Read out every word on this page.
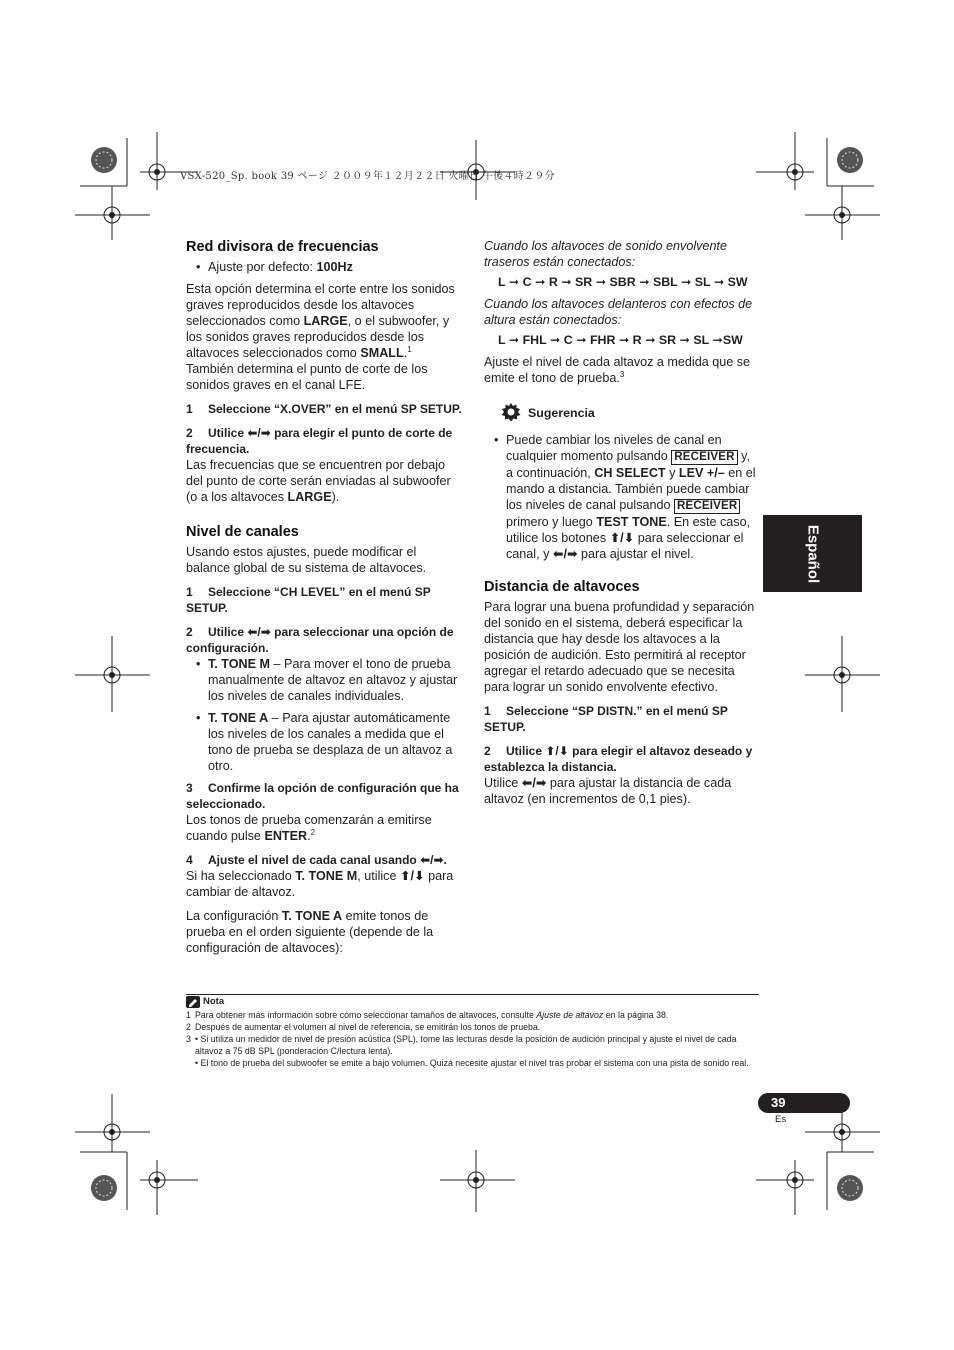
VSX-520_Sp. book 39 ページ ２００９年１２月２２日 火曜日 午後４時２９分
Red divisora de frecuencias
• Ajuste por defecto: 100Hz

Esta opción determina el corte entre los sonidos graves reproducidos desde los altavoces seleccionados como LARGE, o el subwoofer, y los sonidos graves reproducidos desde los altavoces seleccionados como SMALL.$^1$ También determina el punto de corte de los sonidos graves en el canal LFE.

1 Seleccione “X.OVER” en el menú SP SETUP.
2 Utilice ⬅/➡ para elegir el punto de corte de frecuencia.

Las frecuencias que se encuentren por debajo del punto de corte serán enviadas al subwoofer (o a los altavoces LARGE).

Nivel de canales

Usando estos ajustes, puede modificar el balance global de su sistema de altavoces.

1 Seleccione “CH LEVEL” en el menú SP SETUP.
2 Utilice ⬅/➡ para seleccionar una opción de configuración.
• T. TONE M – Para mover el tono de prueba manualmente de altavoz en altavoz y ajustar los niveles de canales individuales.
• T. TONE A – Para ajustar automáticamente los niveles de los canales a medida que el tono de prueba se desplaza de un altavoz a otro.
3 Confirme la opción de configuración que ha seleccionado.

Los tonos de prueba comenzarán a emitirse cuando pulse ENTER.$^2$

4 Ajuste el nivel de cada canal usando ⬅/➡.

Si ha seleccionado T. TONE M, utilice ⬆/⬇ para cambiar de altavoz.

La configuración T. TONE A emite tonos de prueba en el orden siguiente (depende de la configuración de altavoces):

Cuando los altavoces de sonido envolvente traseros están conectados:
L ➞ C ➞ R ➞ SR ➞ SBR ➞ SBL ➞ SL ➞ SW
Cuando los altavoces delanteros con efectos de altura están conectados:
L ➞ FHL ➞ C ➞ FHR ➞ R ➞ SR ➞ SL ➞SW

Ajuste el nivel de cada altavoz a medida que se emite el tono de prueba.$^3$

Sugerencia
• Puede cambiar los niveles de canal en cualquier momento pulsando RECEIVER y, a continuación, CH SELECT y LEV +/– en el mando a distancia. También puede cambiar los niveles de canal pulsando RECEIVER primero y luego TEST TONE. En este caso, utilice los botones ⬆/⬇ para seleccionar el canal, y ⬅/➡ para ajustar el nivel.
Distancia de altavoces

Para lograr una buena profundidad y separación del sonido en el sistema, deberá especificar la distancia que hay desde los altavoces a la posición de audición. Esto permitirá al receptor agregar el retardo adecuado que se necesita para lograr un sonido envolvente efectivo.

1 Seleccione “SP DISTN.” en el menú SP SETUP.
2 Utilice ⬆/⬇ para elegir el altavoz deseado y establezca la distancia.

Utilice ⬅/➡ para ajustar la distancia de cada altavoz (en incrementos de 0,1 pies).

Español
Nota
1 Para obtener más información sobre cómo seleccionar tamaños de altavoces, consulte Ajuste de altavoz en la página 38.
2 Después de aumentar el volumen al nivel de referencia, se emitirán los tonos de prueba.
3 • Si utiliza un medidor de nivel de presión acústica (SPL), tome las lecturas desde la posición de audición principal y ajuste el nivel de cada altavoz a 75 dB SPL (ponderación C/lectura lenta).
• El tono de prueba del subwoofer se emite a bajo volumen. Quizá necesite ajustar el nivel tras probar el sistema con una pista de sonido real.
39
Es
